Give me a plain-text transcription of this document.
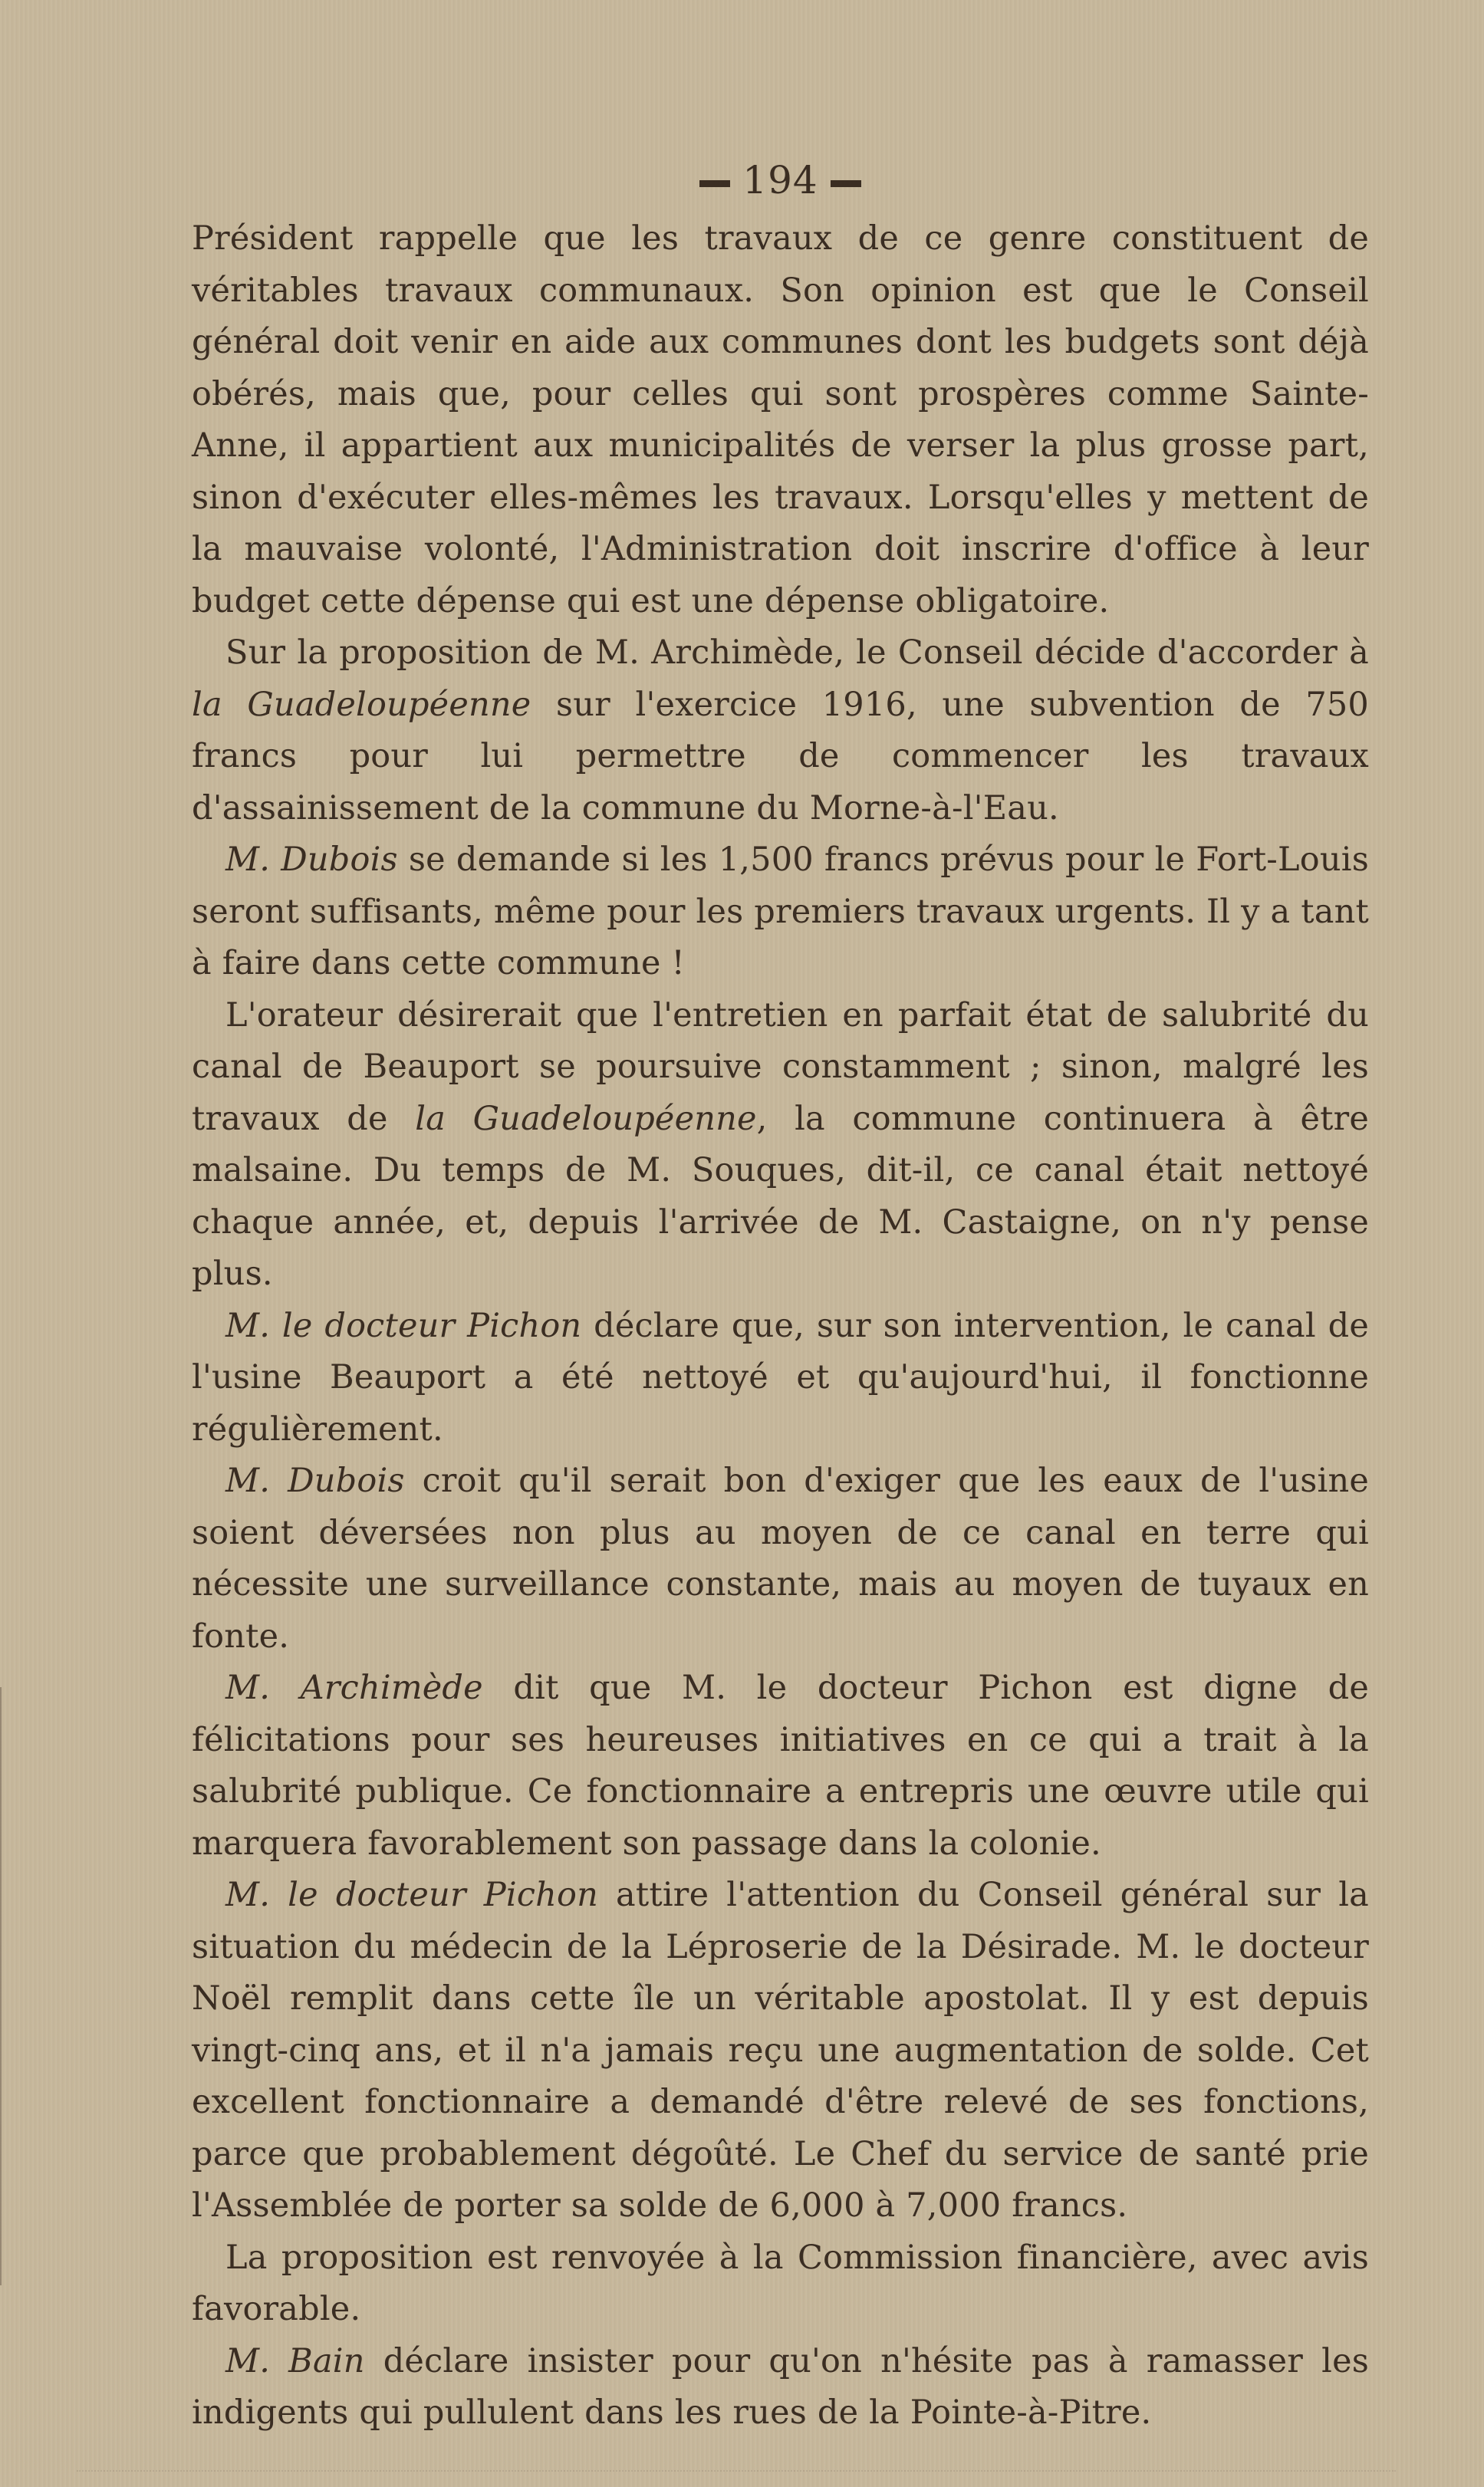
194

Président rappelle que les travaux de ce genre constituent de véritables travaux communaux. Son opinion est que le Conseil général doit venir en aide aux communes dont les budgets sont déjà obérés, mais que, pour celles qui sont prospères comme Sainte-Anne, il appartient aux municipalités de verser la plus grosse part, sinon d'exécuter elles-mêmes les travaux. Lorsqu'elles y mettent de la mauvaise volonté, l'Administration doit inscrire d'office à leur budget cette dépense qui est une dépense obligatoire.

Sur la proposition de M. Archimède, le Conseil décide d'accorder à la Guadeloupéenne sur l'exercice 1916, une subvention de 750 francs pour lui permettre de commencer les travaux d'assainissement de la commune du Morne-à-l'Eau.

M. Dubois se demande si les 1,500 francs prévus pour le Fort-Louis seront suffisants, même pour les premiers travaux urgents. Il y a tant à faire dans cette commune !

L'orateur désirerait que l'entretien en parfait état de salubrité du canal de Beauport se poursuive constamment ; sinon, malgré les travaux de la Guadeloupéenne, la commune continuera à être malsaine. Du temps de M. Souques, dit-il, ce canal était nettoyé chaque année, et, depuis l'arrivée de M. Castaigne, on n'y pense plus.

M. le docteur Pichon déclare que, sur son intervention, le canal de l'usine Beauport a été nettoyé et qu'aujourd'hui, il fonctionne régulièrement.

M. Dubois croit qu'il serait bon d'exiger que les eaux de l'usine soient déversées non plus au moyen de ce canal en terre qui nécessite une surveillance constante, mais au moyen de tuyaux en fonte.

M. Archimède dit que M. le docteur Pichon est digne de félicitations pour ses heureuses initiatives en ce qui a trait à la salubrité publique. Ce fonctionnaire a entrepris une œuvre utile qui marquera favorablement son passage dans la colonie.

M. le docteur Pichon attire l'attention du Conseil général sur la situation du médecin de la Léproserie de la Désirade. M. le docteur Noël remplit dans cette île un véritable apostolat. Il y est depuis vingt-cinq ans, et il n'a jamais reçu une augmentation de solde. Cet excellent fonctionnaire a demandé d'être relevé de ses fonctions, parce que probablement dégoûté. Le Chef du service de santé prie l'Assemblée de porter sa solde de 6,000 à 7,000 francs.

La proposition est renvoyée à la Commission financière, avec avis favorable.

M. Bain déclare insister pour qu'on n'hésite pas à ramasser les indigents qui pullulent dans les rues de la Pointe-à-Pitre.
